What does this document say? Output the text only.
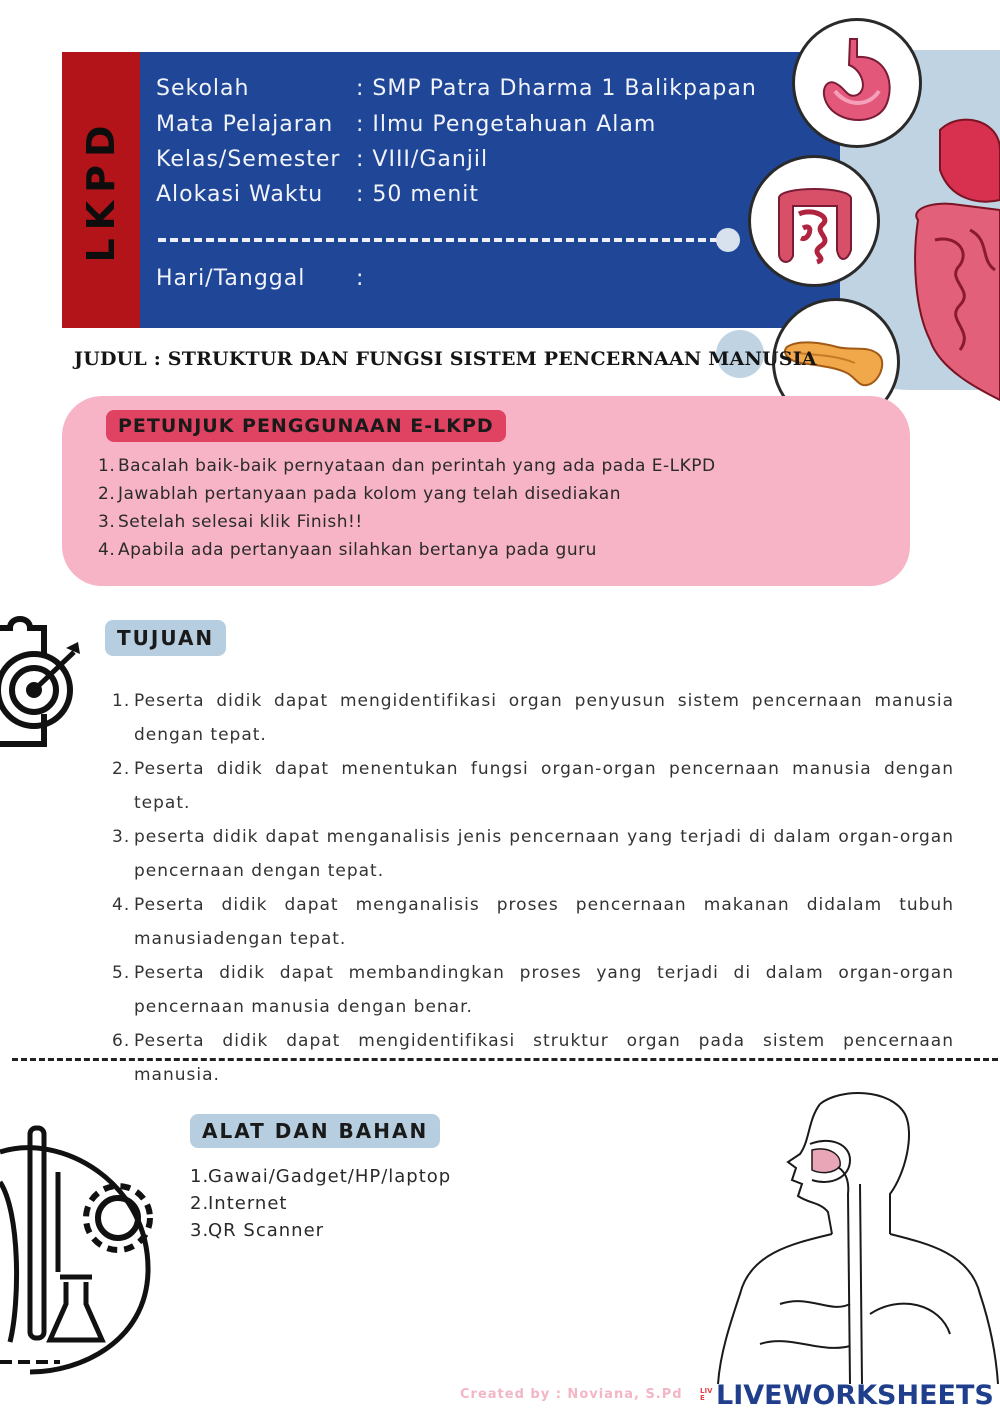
LKPD
Sekolah	: SMP Patra Dharma 1 Balikpapan
Mata Pelajaran : Ilmu Pengetahuan Alam
Kelas/Semester : VIII/Ganjil
Alokasi Waktu : 50 menit
Hari/Tanggal :
JUDUL : STRUKTUR DAN FUNGSI SISTEM PENCERNAAN MANUSIA
PETUNJUK PENGGUNAAN E-LKPD
1. Bacalah baik-baik pernyataan dan perintah yang ada pada E-LKPD
2. Jawablah pertanyaan pada kolom yang telah disediakan
3. Setelah selesai klik Finish!!
4. Apabila ada pertanyaan silahkan bertanya pada guru
TUJUAN
1. Peserta didik dapat mengidentifikasi organ penyusun sistem pencernaan manusia dengan tepat.
2. Peserta didik dapat menentukan fungsi organ-organ pencernaan manusia dengan tepat.
3. peserta didik dapat menganalisis jenis pencernaan yang terjadi di dalam organ-organ pencernaan dengan tepat.
4. Peserta didik dapat menganalisis proses pencernaan makanan didalam tubuh manusiadengan tepat.
5. Peserta didik dapat membandingkan proses yang terjadi di dalam organ-organ pencernaan manusia dengan benar.
6. Peserta didik dapat mengidentifikasi struktur organ pada sistem pencernaan manusia.
ALAT DAN BAHAN
1.Gawai/Gadget/HP/laptop
2.Internet
3.QR Scanner
Created by : Noviana, S.Pd LIVE LIVEWORKSHEETS
